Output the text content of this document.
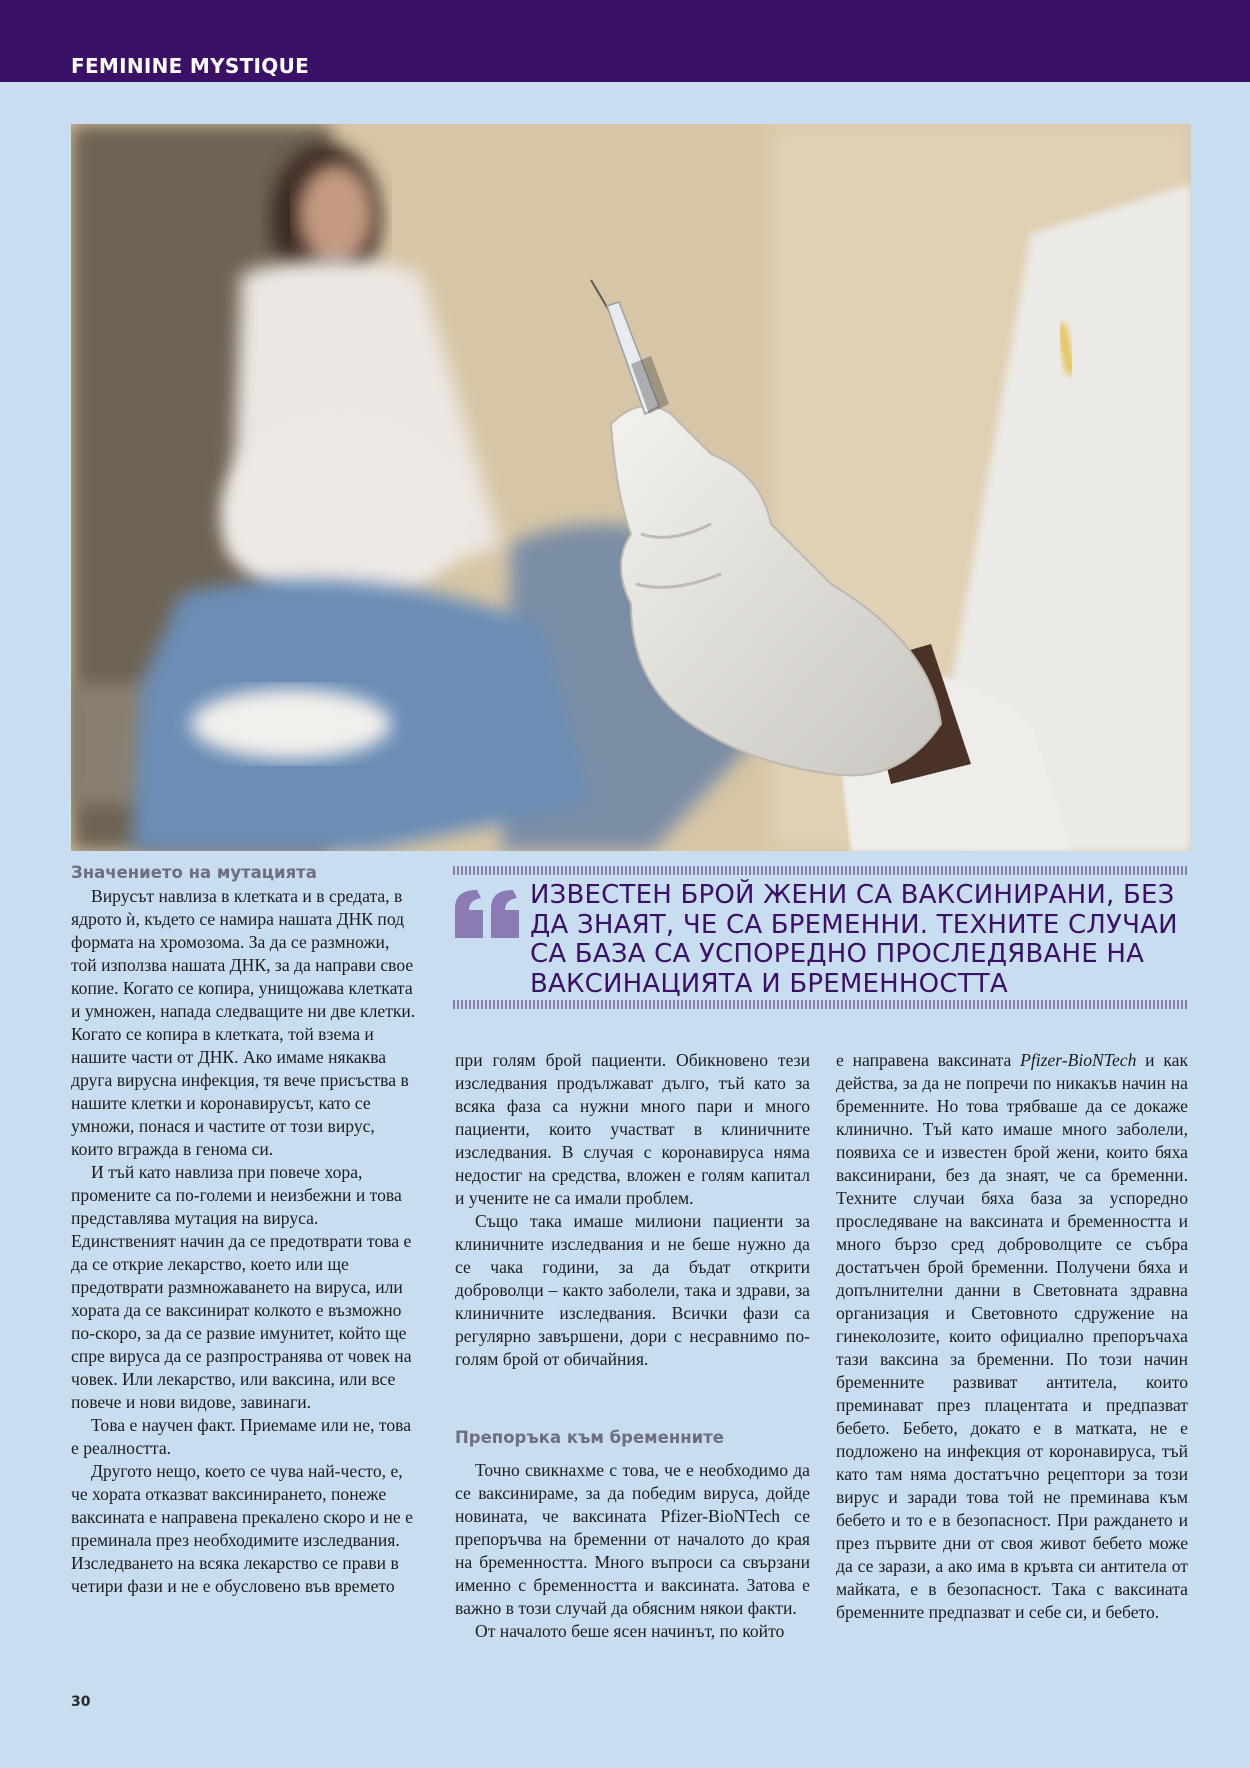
FEMININE MYSTIQUE
Значението на мутацията

Вирусът навлиза в клетката и в средата, в ядрото ѝ, където се намира нашата ДНК под формата на хромозома. За да се размножи, той използва нашата ДНК, за да направи свое копие. Когато се копира, унищожава клетката и умножен, напада следващите ни две клетки. Когато се копира в клетката, той взема и нашите части от ДНК. Ако имаме някаква друга вирусна инфекция, тя вече присъства в нашите клетки и коронавирусът, като се умножи, понася и частите от този вирус, които вгражда в генома си.

И тъй като навлиза при повече хора, промените са по-големи и неизбежни и това представлява мутация на вируса. Единственият начин да се предотврати това е да се открие лекарство, което или ще предотврати размножаването на вируса, или хората да се ваксинират колкото е възможно по-скоро, за да се развие имунитет, който ще спре вируса да се разпространява от човек на човек. Или лекарство, или ваксина, или все повече и нови видове, завинаги.

Това е научен факт. Приемаме или не, това е реалността.

Другото нещо, което се чува най-често, е, че хората отказват ваксинирането, понеже ваксината е направена прекалено скоро и не е преминала през необходимите изследвания. Изследването на всяка лекарство се прави в четири фази и не е обусловено във времето

ИЗВЕСТЕН БРОЙ ЖЕНИ СА ВАКСИНИРАНИ, БЕЗ ДА ЗНАЯТ, ЧЕ СА БРЕМЕННИ. ТЕХНИТЕ СЛУЧАИ СА БАЗА СА УСПОРЕДНО ПРОСЛЕДЯВАНЕ НА ВАКСИНАЦИЯТА И БРЕМЕННОСТТА

при голям брой пациенти. Обикновено тези изследвания продължават дълго, тъй като за всяка фаза са нужни много пари и много пациенти, които участват в клиничните изследвания. В случая с коронавируса няма недостиг на средства, вложен е голям капитал и учените не са имали проблем.

Също така имаше милиони пациенти за клиничните изследвания и не беше нужно да се чака години, за да бъдат открити доброволци – както заболели, така и здрави, за клиничните изследвания. Всички фази са регулярно завършени, дори с несравнимо по-голям брой от обичайния.

Препоръка към бременните

Точно свикнахме с това, че е необходимо да се ваксинираме, за да победим вируса, дойде новината, че ваксината Pfizer-BioNTech се препоръчва на бременни от началото до края на бременността. Много въпроси са свързани именно с бременността и ваксината. Затова е важно в този случай да обясним някои факти.

От началото беше ясен начинът, по който

е направена ваксината Pfizer-BioNTech и как действа, за да не попречи по никакъв начин на бременните. Но това трябваше да се докаже клинично. Тъй като имаше много заболели, появиха се и известен брой жени, които бяха ваксинирани, без да знаят, че са бременни. Техните случаи бяха база за успоредно проследяване на ваксината и бременността и много бързо сред доброволците се събра достатъчен брой бременни. Получени бяха и допълнителни данни в Световната здравна организация и Световното сдружение на гинеколозите, които официално препоръчаха тази ваксина за бременни. По този начин бременните развиват антитела, които преминават през плацентата и предпазват бебето. Бебето, докато е в матката, не е подложено на инфекция от коронавируса, тъй като там няма достатъчно рецептори за този вирус и заради това той не преминава към бебето и то е в безопасност. При раждането и през първите дни от своя живот бебето може да се зарази, а ако има в кръвта си антитела от майката, е в безопасност. Така с ваксината бременните предпазват и себе си, и бебето.

30
